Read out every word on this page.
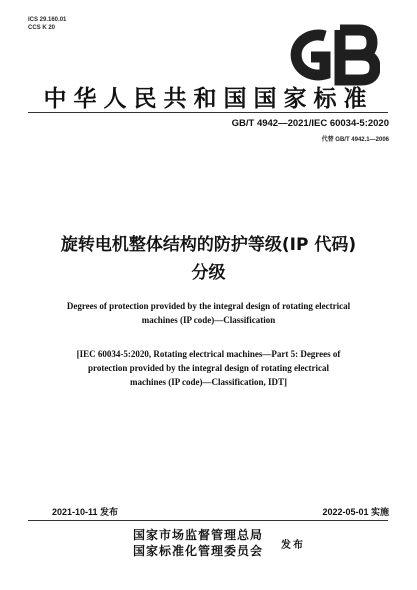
ICS 29.160.01
CCS K 20
中华人民共和国国家标准
GB/T 4942—2021/IEC 60034-5:2020
代替 GB/T 4942.1—2006
旋转电机整体结构的防护等级(IP 代码)
分级
Degrees of protection provided by the integral design of rotating electrical
machines (IP code)—Classification
[IEC 60034-5:2020, Rotating electrical machines—Part 5: Degrees of
protection provided by the integral design of rotating electrical
machines (IP code)—Classification, IDT]
2021-10-11 发布	2022-05-01 实施
国家市场监督管理总局
国家标准化管理委员会 发布
